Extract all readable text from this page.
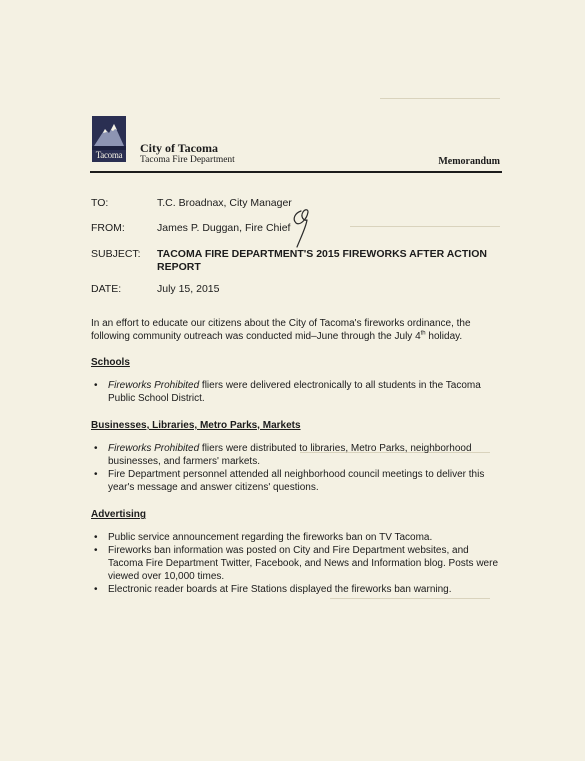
Tacoma	City of Tacoma
Tacoma Fire Department	Memorandum
TO:	T.C. Broadnax, City Manager
FROM:	James P. Duggan, Fire Chief
SUBJECT: TACOMA FIRE DEPARTMENT'S 2015 FIREWORKS AFTER ACTION REPORT
DATE:	July 15, 2015

In an effort to educate our citizens about the City of Tacoma's fireworks ordinance, the following community outreach was conducted mid–June through the July 4th holiday.

Schools
• Fireworks Prohibited fliers were delivered electronically to all students in the Tacoma Public School District.
Businesses, Libraries, Metro Parks, Markets
• Fireworks Prohibited fliers were distributed to libraries, Metro Parks, neighborhood businesses, and farmers' markets.
• Fire Department personnel attended all neighborhood council meetings to deliver this year's message and answer citizens' questions.
Advertising
• Public service announcement regarding the fireworks ban on TV Tacoma.
• Fireworks ban information was posted on City and Fire Department websites, and Tacoma Fire Department Twitter, Facebook, and News and Information blog. Posts were viewed over 10,000 times.
• Electronic reader boards at Fire Stations displayed the fireworks ban warning.
